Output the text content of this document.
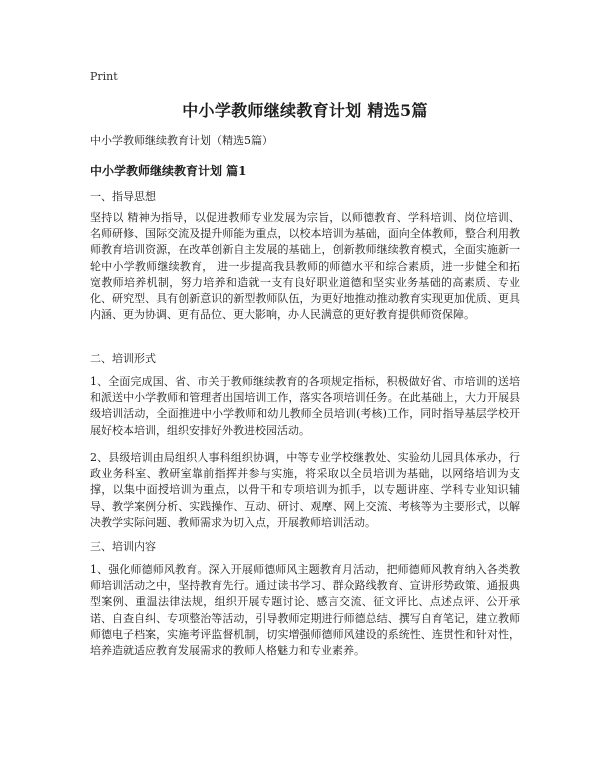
Print
中小学教师继续教育计划 精选5篇
中小学教师继续教育计划（精选5篇）
中小学教师继续教育计划 篇1
一、指导思想
坚持以 精神为指导，以促进教师专业发展为宗旨，以师德教育、学科培训、岗位培训、名师研修、国际交流及提升师能为重点，以校本培训为基础，面向全体教师，整合利用教师教育培训资源，在改革创新自主发展的基础上，创新教师继续教育模式，全面实施新一轮中小学教师继续教育， 进一步提高我县教师的师德水平和综合素质，进一步健全和拓宽教师培养机制，努力培养和造就一支有良好职业道德和坚实业务基础的高素质、专业化、研究型、具有创新意识的新型教师队伍，为更好地推动推动教育实现更加优质、更具内涵、更为协调、更有品位、更大影响，办人民满意的更好教育提供师资保障。
二、培训形式
1、全面完成国、省、市关于教师继续教育的各项规定指标，积极做好省、市培训的送培和派送中小学教师和管理者出国培训工作，落实各项培训任务。在此基础上，大力开展县级培训活动，全面推进中小学教师和幼儿教师全员培训(考核)工作，同时指导基层学校开展好校本培训，组织安排好外教进校园活动。
2、县级培训由局组织人事科组织协调，中等专业学校继教处、实验幼儿园具体承办，行政业务科室、教研室靠前指挥并参与实施，将采取以全员培训为基础，以网络培训为支撑，以集中面授培训为重点，以骨干和专项培训为抓手，以专题讲座、学科专业知识辅导、教学案例分析、实践操作、互动、研讨、观摩、网上交流、考核等为主要形式，以解决教学实际问题、教师需求为切入点，开展教师培训活动。
三、培训内容
1、强化师德师风教育。深入开展师德师风主题教育月活动，把师德师风教育纳入各类教师培训活动之中，坚持教育先行。通过读书学习、群众路线教育、宣讲形势政策、通报典型案例、重温法律法规，组织开展专题讨论、感言交流、征文评比、点述点评、公开承诺、自查自纠、专项整治等活动，引导教师定期进行师德总结、撰写自育笔记，建立教师师德电子档案，实施考评监督机制，切实增强师德师风建设的系统性、连贯性和针对性，培养造就适应教育发展需求的教师人格魅力和专业素养。
